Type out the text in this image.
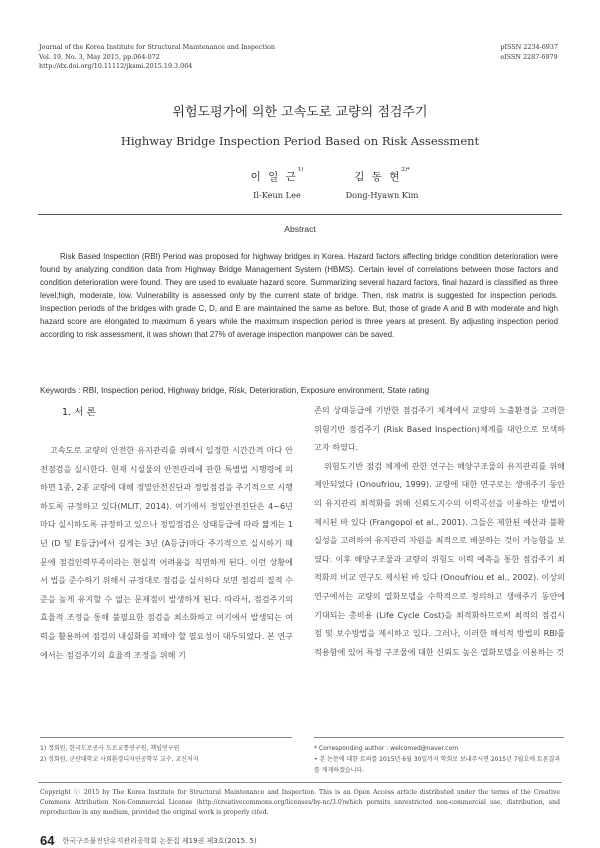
Journal of the Korea Institute for Structural Maintenance and Inspection
Vol. 19, No. 3, May 2015, pp.064-072
http://dx.doi.org/10.11112/jksmi.2015.19.3.064
pISSN 2234-6937
eISSN 2287-6979
위험도평가에 의한 고속도로 교량의 점검주기
Highway Bridge Inspection Period Based on Risk Assessment
이 일 근$^{1)}$
Il-Keun Lee
김 동 현$^{2)*}$
Dong-Hyawn Kim
Abstract
Risk Based Inspection (RBI) Period was proposed for highway bridges in Korea. Hazard factors affecting bridge condition deterioration were found by analyzing condition data from Highway Bridge Management System (HBMS). Certain level of correlations between those factors and condition deterioration were found. They are used to evaluate hazard score. Summarizing several hazard factors, final hazard is classified as three level;high, moderate, low. Vulnerability is assessed only by the current state of bridge. Then, risk matrix is suggested for inspection periods. Inspection periods of the bridges with grade C, D, and E are maintained the same as before. But, those of grade A and B with moderate and high hazard score are elongated to maximum 6 years while the maximum inspection period is three years at present. By adjusting inspection period according to risk assessment, it was shown that 27% of average inspection manpower can be saved.
Keywords : RBI, Inspection period, Highway bridge, Risk, Deterioration, Exposure environment, State rating
1. 서 론

고속도로 교량의 안전한 유지관리를 위해서 일정한 시간간격 마다 안전점검을 실시한다. 현재 시설물의 안전관리에 관한 특별법 시행령에 의하면 1종, 2종 교량에 대해 정밀안전진단과 정밀점검을 주기적으로 시행하도록 규정하고 있다(MLIT, 2014). 여기에서 정밀안전진단은 4~6년마다 실시하도록 규정하고 있으나 정밀점검은 상태등급에 따라 짧게는 1년 (D 및 E등급)에서 길게는 3년 (A등급)마다 주기적으로 실시하기 때문에 점검인력부족이라는 현실적 어려움을 직면하게 된다. 이런 상황에서 법을 준수하기 위해서 규정대로 점검을 실시하다 보면 점검의 질적 수준을 높게 유지할 수 없는 문제점이 발생하게 된다. 따라서, 점검주기의 효율적 조정을 통해 불필요한 점검을 최소화하고 여기에서 발생되는 여력을 활용하여 점검의 내실화를 꾀해야 할 필요성이 대두되었다. 본 연구에서는 점검주기의 효율적 조정을 위해 기

존의 상태등급에 기반한 점검주기 체계에서 교량의 노출환경을 고려한 위험기반 점검주기 (Risk Based Inspection)체계를 대안으로 모색하고자 하였다.

위험도기반 점검 체계에 관한 연구는 해양구조물의 유지관리를 위해 제안되었다 (Onoufriou, 1999). 교량에 대한 연구로는 생애주기 동안의 유지관리 최적화를 위해 신뢰도지수의 이력곡선을 이용하는 방법이 제시된 바 있다 (Frangopol et al., 2001). 그들은 제한된 예산과 불확실성을 고려하여 유지관리 자원을 최적으로 배분하는 것이 가능함을 보였다. 이후 해양구조물과 교량의 위험도 이력 예측을 통한 점검주기 최적화의 비교 연구도 제시된 바 있다 (Onoufriou et al., 2002). 이상의 연구에서는 교량의 열화모델을 수학적으로 정의하고 생애주기 동안에 기대되는 총비용 (Life Cycle Cost)을 최적화하므로써 최적의 점검시점 및 보수방법을 제시하고 있다. 그러나, 이러한 해석적 방법의 RBI를 적용함에 있어 특정 구조물에 대한 신뢰도 높은 열화모델을 이용하는 것

1) 정회원, 한국도로공사 도로교통연구원, 책임연구원
2) 정회원, 군산대학교 사회환경디자인공학부 교수, 교신저자
* Corresponding author : welcomed@naver.com
• 본 논문에 대한 토의를 2015년 6월 30일까지 학회로 보내주시면 2015년 7월호에 토론결과를 게재하겠습니다.
Copyright ⓒ 2015 by The Korea Institute for Structural Maintenance and Inspection. This is an Open Access article distributed under the terms of the Creative Commons Attribution Non-Commercial License (http://creativecommons.org/licenses/by-nc/3.0)which permits unrestricted non-commercial use, distribution, and reproduction in any medium, provided the original work is properly cited.
64 한국구조물진단유지관리공학회 논문집 제19권 제3호(2015. 5)
